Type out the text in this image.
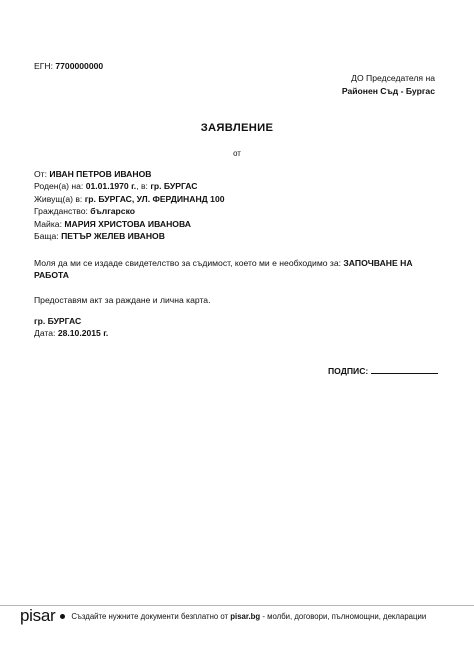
ЕГН: 7700000000
ДО Председателя на
Районен Съд - Бургас
ЗАЯВЛЕНИЕ
от
От: ИВАН ПЕТРОВ ИВАНОВ
Роден(а) на: 01.01.1970 г., в: гр. БУРГАС
Живущ(а) в: гр. БУРГАС, УЛ. ФЕРДИНАНД 100
Гражданство: българско
Майка: МАРИЯ ХРИСТОВА ИВАНОВА
Баща: ПЕТЪР ЖЕЛЕВ ИВАНОВ
Моля да ми се издаде свидетелство за съдимост, което ми е необходимо за: ЗАПОЧВАНЕ НА РАБОТА
Предоставям акт за раждане и лична карта.
гр. БУРГАС
Дата: 28.10.2015 г.
ПОДПИС:
pisar Създайте нужните документи безплатно от pisar.bg - молби, договори, пълномощни, декларации
